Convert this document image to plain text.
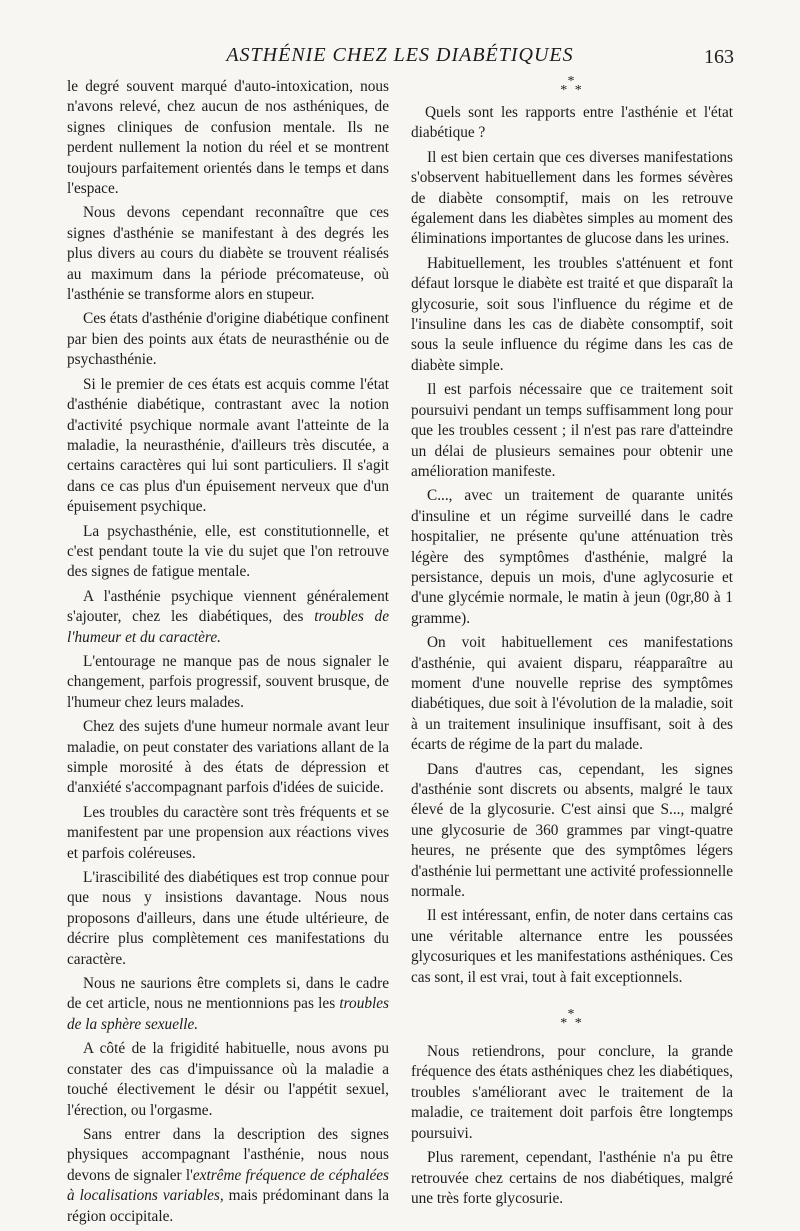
ASTHÉNIE CHEZ LES DIABÉTIQUES	163

le degré souvent marqué d'auto-intoxication, nous n'avons relevé, chez aucun de nos asthéniques, de signes cliniques de confusion mentale. Ils ne perdent nullement la notion du réel et se montrent toujours parfaitement orientés dans le temps et dans l'espace.

Nous devons cependant reconnaître que ces signes d'asthénie se manifestant à des degrés les plus divers au cours du diabète se trouvent réalisés au maximum dans la période précomateuse, où l'asthénie se transforme alors en stupeur.

Ces états d'asthénie d'origine diabétique confinent par bien des points aux états de neurasthénie ou de psychasthénie.

Si le premier de ces états est acquis comme l'état d'asthénie diabétique, contrastant avec la notion d'activité psychique normale avant l'atteinte de la maladie, la neurasthénie, d'ailleurs très discutée, a certains caractères qui lui sont particuliers. Il s'agit dans ce cas plus d'un épuisement nerveux que d'un épuisement psychique.

La psychasthénie, elle, est constitutionnelle, et c'est pendant toute la vie du sujet que l'on retrouve des signes de fatigue mentale.

A l'asthénie psychique viennent généralement s'ajouter, chez les diabétiques, des troubles de l'humeur et du caractère.

L'entourage ne manque pas de nous signaler le changement, parfois progressif, souvent brusque, de l'humeur chez leurs malades.

Chez des sujets d'une humeur normale avant leur maladie, on peut constater des variations allant de la simple morosité à des états de dépression et d'anxiété s'accompagnant parfois d'idées de suicide.

Les troubles du caractère sont très fréquents et se manifestent par une propension aux réactions vives et parfois coléreuses.

L'irascibilité des diabétiques est trop connue pour que nous y insistions davantage. Nous nous proposons d'ailleurs, dans une étude ultérieure, de décrire plus complètement ces manifestations du caractère.

Nous ne saurions être complets si, dans le cadre de cet article, nous ne mentionnions pas les troubles de la sphère sexuelle.

A côté de la frigidité habituelle, nous avons pu constater des cas d'impuissance où la maladie a touché électivement le désir ou l'appétit sexuel, l'érection, ou l'orgasme.

Sans entrer dans la description des signes physiques accompagnant l'asthénie, nous nous devons de signaler l'extrême fréquence de céphalées à localisations variables, mais prédominant dans la région occipitale.

*
* *

Quels sont les rapports entre l'asthénie et l'état diabétique ?

Il est bien certain que ces diverses manifestations s'observent habituellement dans les formes sévères de diabète consomptif, mais on les retrouve également dans les diabètes simples au moment des éliminations importantes de glucose dans les urines.

Habituellement, les troubles s'atténuent et font défaut lorsque le diabète est traité et que disparaît la glycosurie, soit sous l'influence du régime et de l'insuline dans les cas de diabète consomptif, soit sous la seule influence du régime dans les cas de diabète simple.

Il est parfois nécessaire que ce traitement soit poursuivi pendant un temps suffisamment long pour que les troubles cessent ; il n'est pas rare d'atteindre un délai de plusieurs semaines pour obtenir une amélioration manifeste.

C..., avec un traitement de quarante unités d'insuline et un régime surveillé dans le cadre hospitalier, ne présente qu'une atténuation très légère des symptômes d'asthénie, malgré la persistance, depuis un mois, d'une aglycosurie et d'une glycémie normale, le matin à jeun (0gr,80 à 1 gramme).

On voit habituellement ces manifestations d'asthénie, qui avaient disparu, réapparaître au moment d'une nouvelle reprise des symptômes diabétiques, due soit à l'évolution de la maladie, soit à un traitement insulinique insuffisant, soit à des écarts de régime de la part du malade.

Dans d'autres cas, cependant, les signes d'asthénie sont discrets ou absents, malgré le taux élevé de la glycosurie. C'est ainsi que S..., malgré une glycosurie de 360 grammes par vingt-quatre heures, ne présente que des symptômes légers d'asthénie lui permettant une activité professionnelle normale.

Il est intéressant, enfin, de noter dans certains cas une véritable alternance entre les poussées glycosuriques et les manifestations asthéniques. Ces cas sont, il est vrai, tout à fait exceptionnels.

*
* *

Nous retiendrons, pour conclure, la grande fréquence des états asthéniques chez les diabétiques, troubles s'améliorant avec le traitement de la maladie, ce traitement doit parfois être longtemps poursuivi.

Plus rarement, cependant, l'asthénie n'a pu être retrouvée chez certains de nos diabétiques, malgré une très forte glycosurie.
